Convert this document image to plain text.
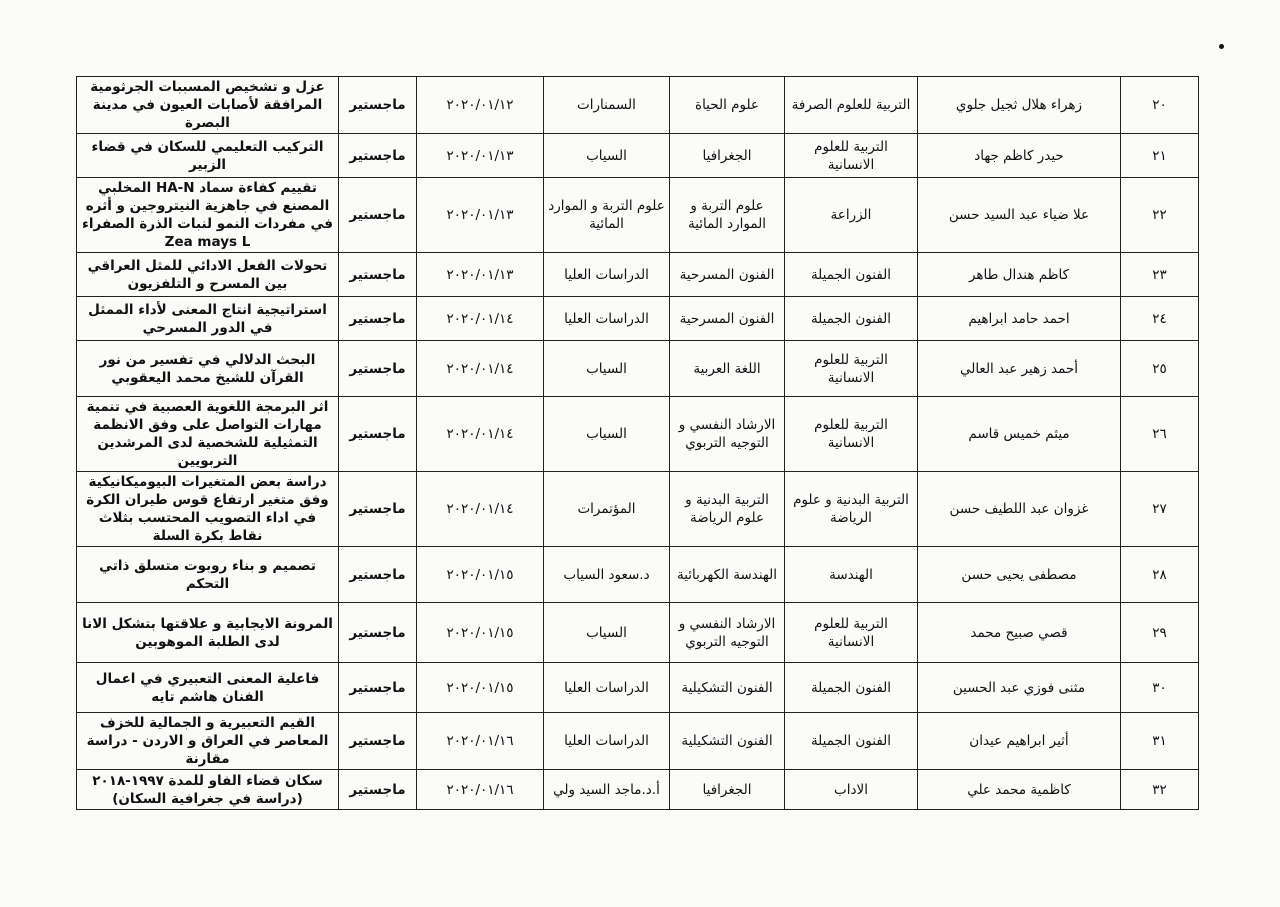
٢٠	زهراء هلال ثجيل جلوي	التربية للعلوم الصرفة	علوم الحياة	السمنارات	٢٠٢٠/٠١/١٢	ماجستير	عزل و تشخيص المسببات الجرثومية المرافقة لأصابات العيون في مدينة البصرة
٢١	حيدر كاظم جهاد	التربية للعلوم الانسانية	الجغرافيا	السياب	٢٠٢٠/٠١/١٣	ماجستير	التركيب التعليمي للسكان في قضاء الزبير
٢٢	علا ضياء عبد السيد حسن	الزراعة	علوم التربة و الموارد المائية	علوم التربة و الموارد المائية	٢٠٢٠/٠١/١٣	ماجستير	تقييم كفاءة سماد HA-N المخلبي المصنع في جاهزية النيتروجين و أثره في مفردات النمو لنبات الذرة الصفراء Zea mays L
٢٣	كاظم هندال طاهر	الفنون الجميلة	الفنون المسرحية	الدراسات العليا	٢٠٢٠/٠١/١٣	ماجستير	تحولات الفعل الادائي للمثل العراقي بين المسرح و التلفزيون
٢٤	احمد حامد ابراهيم	الفنون الجميلة	الفنون المسرحية	الدراسات العليا	٢٠٢٠/٠١/١٤	ماجستير	استراتيجية انتاج المعنى لأداء الممثل في الدور المسرحي
٢٥	أحمد زهير عبد العالي	التربية للعلوم الانسانية	اللغة العربية	السياب	٢٠٢٠/٠١/١٤	ماجستير	البحث الدلالي في تفسير من نور القرآن للشيخ محمد اليعقوبي
٢٦	ميثم خميس قاسم	التربية للعلوم الانسانية	الارشاد النفسي و التوجيه التربوي	السياب	٢٠٢٠/٠١/١٤	ماجستير	اثر البرمجة اللغوية العصبية في تنمية مهارات التواصل على وفق الانظمة التمثيلية للشخصية لدى المرشدين التربويين
٢٧	غزوان عبد اللطيف حسن	التربية البدنية و علوم الرياضة	التربية البدنية و علوم الرياضة	المؤتمرات	٢٠٢٠/٠١/١٤	ماجستير	دراسة بعض المتغيرات البيوميكانيكية وفق متغير ارتفاع قوس طيران الكرة في اداء التصويب المحتسب بثلاث نقاط بكرة السلة
٢٨	مصطفى يحيى حسن	الهندسة	الهندسة الكهربائية	د.سعود السياب	٢٠٢٠/٠١/١٥	ماجستير	تصميم و بناء روبوت متسلق ذاتي التحكم
٢٩	قصي صبيح محمد	التربية للعلوم الانسانية	الارشاد النفسي و التوجيه التربوي	السياب	٢٠٢٠/٠١/١٥	ماجستير	المرونة الايجابية و علاقتها بتشكل الانا لدى الطلبة الموهوبين
٣٠	مثنى فوزي عبد الحسين	الفنون الجميلة	الفنون التشكيلية	الدراسات العليا	٢٠٢٠/٠١/١٥	ماجستير	فاعلية المعنى التعبيري في اعمال الفنان هاشم تايه
٣١	أثير ابراهيم عيدان	الفنون الجميلة	الفنون التشكيلية	الدراسات العليا	٢٠٢٠/٠١/١٦	ماجستير	القيم التعبيرية و الجمالية للخزف المعاصر في العراق و الاردن - دراسة مقارنة
٣٢	كاظمية محمد علي	الاداب	الجغرافيا	أ.د.ماجد السيد ولي	٢٠٢٠/٠١/١٦	ماجستير	سكان قضاء الفاو للمدة ١٩٩٧-٢٠١٨ (دراسة في جغرافية السكان)
